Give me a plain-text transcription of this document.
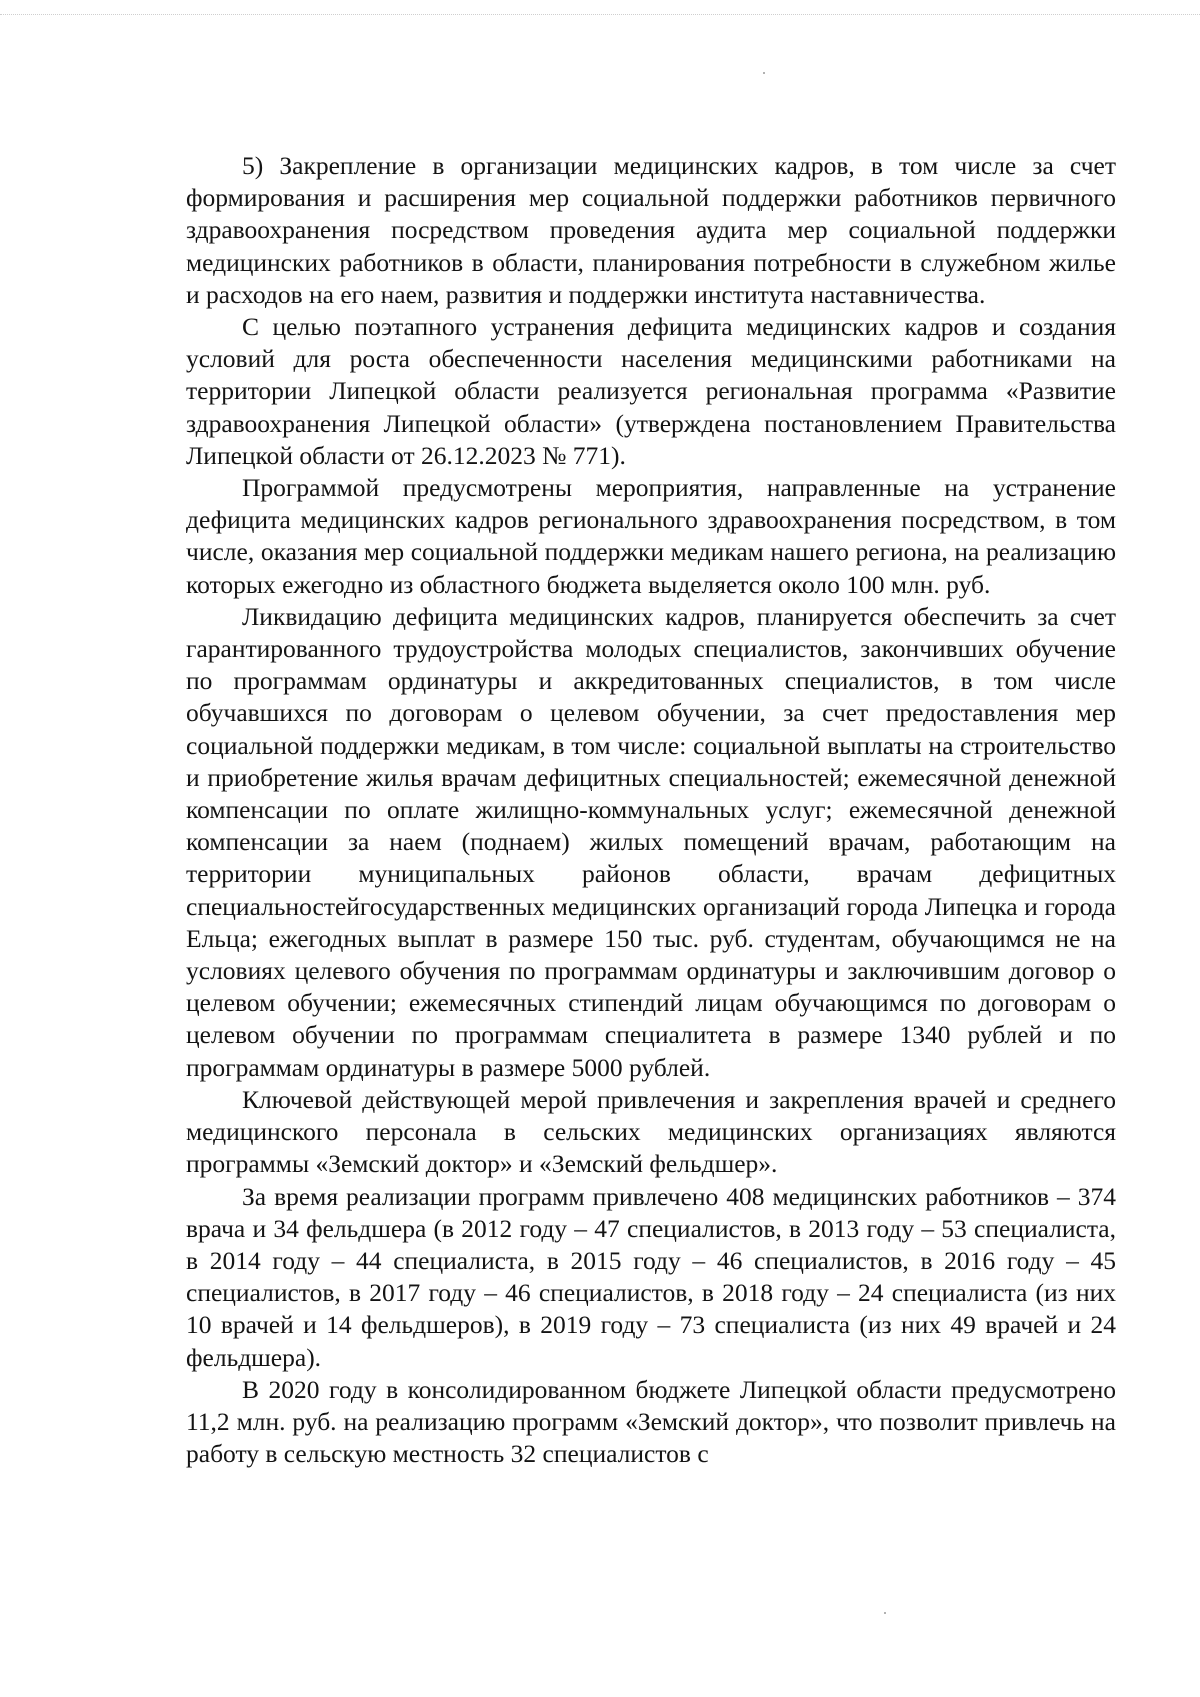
5) Закрепление в организации медицинских кадров, в том числе за счет формирования и расширения мер социальной поддержки работников первичного здравоохранения посредством проведения аудита мер социальной поддержки медицинских работников в области, планирования потребности в служебном жилье и расходов на его наем, развития и поддержки института наставничества.

С целью поэтапного устранения дефицита медицинских кадров и создания условий для роста обеспеченности населения медицинскими работниками на территории Липецкой области реализуется региональная программа «Развитие здравоохранения Липецкой области» (утверждена постановлением Правительства Липецкой области от 26.12.2023 № 771).

Программой предусмотрены мероприятия, направленные на устранение дефицита медицинских кадров регионального здравоохранения посредством, в том числе, оказания мер социальной поддержки медикам нашего региона, на реализацию которых ежегодно из областного бюджета выделяется около 100 млн. руб.

Ликвидацию дефицита медицинских кадров, планируется обеспечить за счет гарантированного трудоустройства молодых специалистов, закончивших обучение по программам ординатуры и аккредитованных специалистов, в том числе обучавшихся по договорам о целевом обучении, за счет предоставления мер социальной поддержки медикам, в том числе: социальной выплаты на строительство и приобретение жилья врачам дефицитных специальностей; ежемесячной денежной компенсации по оплате жилищно-коммунальных услуг; ежемесячной денежной компенсации за наем (поднаем) жилых помещений врачам, работающим на территории муниципальных районов области, врачам дефицитных специальностейгосударственных медицинских организаций города Липецка и города Ельца; ежегодных выплат в размере 150 тыс. руб. студентам, обучающимся не на условиях целевого обучения по программам ординатуры и заключившим договор о целевом обучении; ежемесячных стипендий лицам обучающимся по договорам о целевом обучении по программам специалитета в размере 1340 рублей и по программам ординатуры в размере 5000 рублей.

Ключевой действующей мерой привлечения и закрепления врачей и среднего медицинского персонала в сельских медицинских организациях являются программы «Земский доктор» и «Земский фельдшер».

За время реализации программ привлечено 408 медицинских работников – 374 врача и 34 фельдшера (в 2012 году – 47 специалистов, в 2013 году – 53 специалиста, в 2014 году – 44 специалиста, в 2015 году – 46 специалистов, в 2016 году – 45 специалистов, в 2017 году – 46 специалистов, в 2018 году – 24 специалиста (из них 10 врачей и 14 фельдшеров), в 2019 году – 73 специалиста (из них 49 врачей и 24 фельдшера).

В 2020 году в консолидированном бюджете Липецкой области предусмотрено 11,2 млн. руб. на реализацию программ «Земский доктор», что позволит привлечь на работу в сельскую местность 32 специалистов с
